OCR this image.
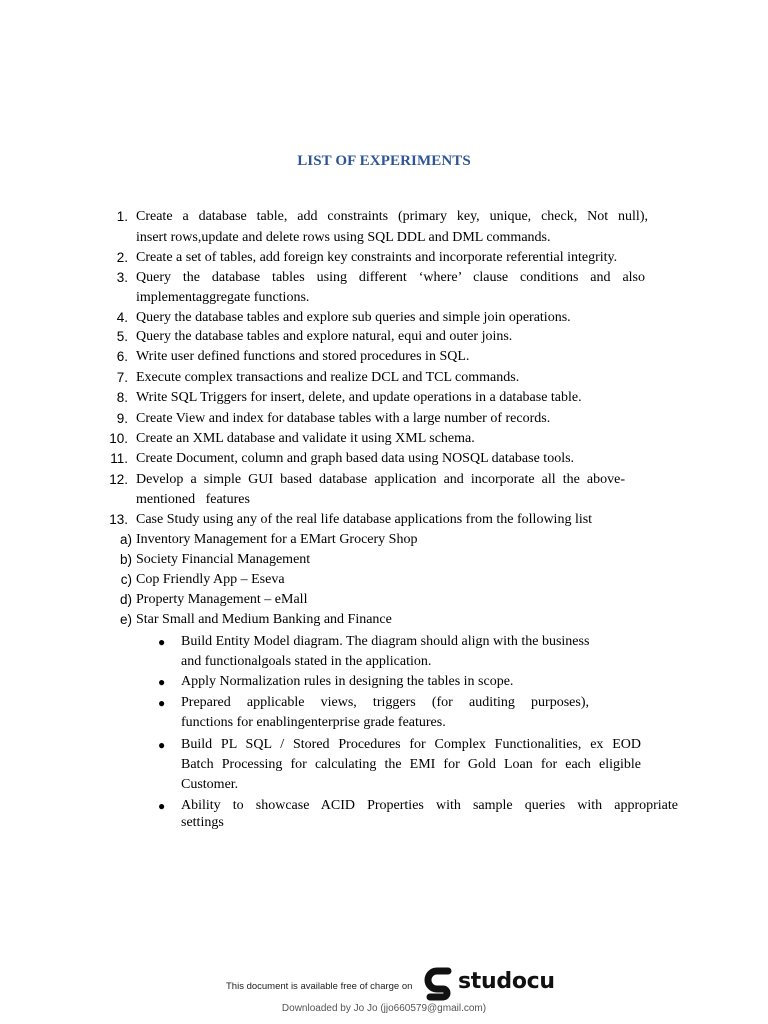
LIST OF EXPERIMENTS
1. Create a database table, add constraints (primary key, unique, check, Not null),
insert rows,update and delete rows using SQL DDL and DML commands.
2. Create a set of tables, add foreign key constraints and incorporate referential integrity.
3. Query the database tables using different ‘where’ clause conditions and also
implementaggregate functions.
4. Query the database tables and explore sub queries and simple join operations.
5. Query the database tables and explore natural, equi and outer joins.
6. Write user defined functions and stored procedures in SQL.
7. Execute complex transactions and realize DCL and TCL commands.
8. Write SQL Triggers for insert, delete, and update operations in a database table.
9. Create View and index for database tables with a large number of records.
10. Create an XML database and validate it using XML schema.
11. Create Document, column and graph based data using NOSQL database tools.
12. Develop a simple GUI based database application and incorporate all the above-
mentioned   features
13. Case Study using any of the real life database applications from the following list
a) Inventory Management for a EMart Grocery Shop
b) Society Financial Management
c) Cop Friendly App – Eseva
d) Property Management – eMall
e) Star Small and Medium Banking and Finance
● Build Entity Model diagram. The diagram should align with the business
and functionalgoals stated in the application.
● Apply Normalization rules in designing the tables in scope.
● Prepared applicable views, triggers (for auditing purposes),
functions for enablingenterprise grade features.
● Build PL SQL / Stored Procedures for Complex Functionalities, ex EOD
Batch Processing for calculating the EMI for Gold Loan for each eligible
Customer.
● Ability to showcase ACID Properties with sample queries with appropriate
settings
This document is available free of charge on studocu
Downloaded by Jo Jo (jjo660579@gmail.com)
